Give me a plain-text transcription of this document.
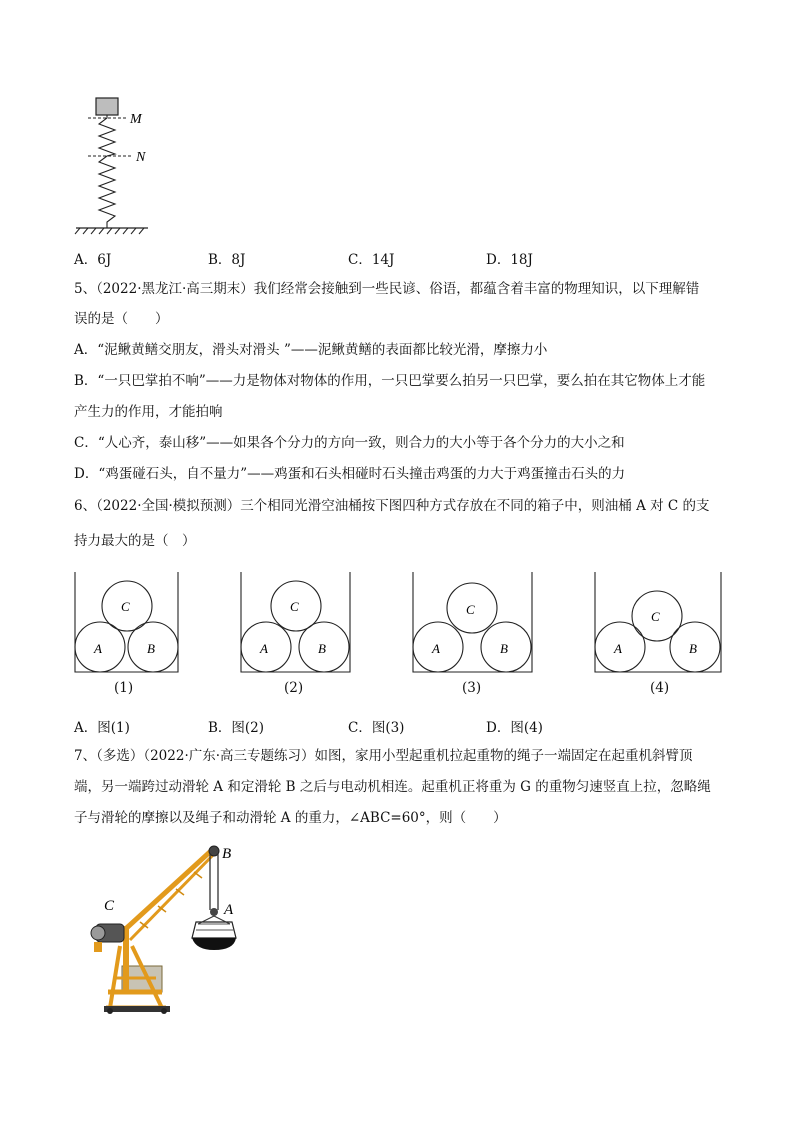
M
N
A．6J	B．8J	C．14J	D．18J
5、（2022·黑龙江·高三期末）我们经常会接触到一些民谚、俗语，都蕴含着丰富的物理知识，以下理解错
误的是（　　）
A．“泥鳅黄鳝交朋友，滑头对滑头 ”——泥鳅黄鳝的表面都比较光滑，摩擦力小
B．“一只巴掌拍不响”——力是物体对物体的作用，一只巴掌要么拍另一只巴掌，要么拍在其它物体上才能
产生力的作用，才能拍响
C．“人心齐，泰山移”——如果各个分力的方向一致，则合力的大小等于各个分力的大小之和
D．“鸡蛋碰石头，自不量力”——鸡蛋和石头相碰时石头撞击鸡蛋的力大于鸡蛋撞击石头的力
6、（2022·全国·模拟预测）三个相同光滑空油桶按下图四种方式存放在不同的箱子中，则油桶 A 对 C 的支
持力最大的是（　）
C
A	B
(1)
C
A	B
(2)
C
A	B
(3)
C
A	B
(4)
A．图(1)	B．图(2)	C．图(3)	D．图(4)
7、（多选）（2022·广东·高三专题练习）如图，家用小型起重机拉起重物的绳子一端固定在起重机斜臂顶
端，另一端跨过动滑轮 A 和定滑轮 B 之后与电动机相连。起重机正将重为 G 的重物匀速竖直上拉，忽略绳
子与滑轮的摩擦以及绳子和动滑轮 A 的重力，∠ABC=60°，则（　　）
B
A
C
